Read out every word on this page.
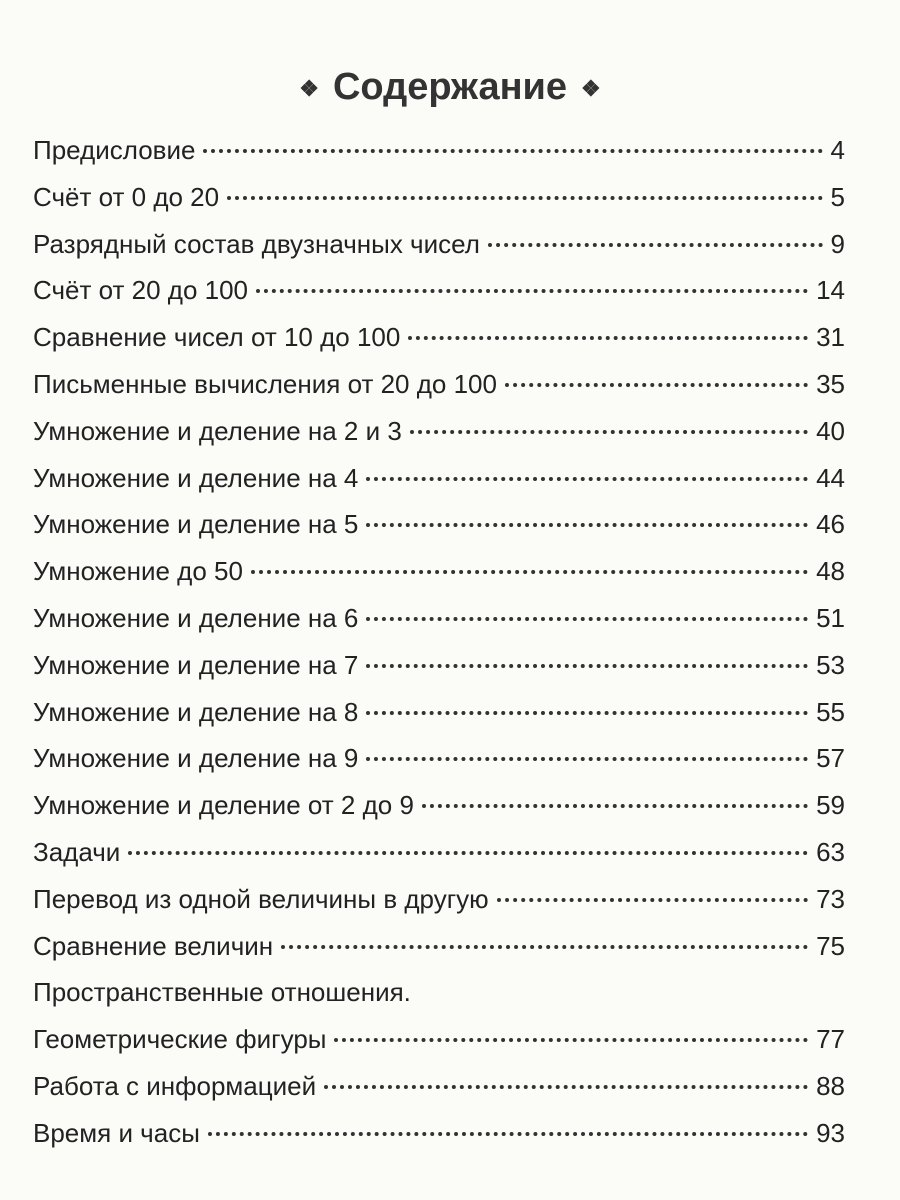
❖ Содержание ❖
Предисловие	4
Счёт от 0 до 20	5
Разрядный состав двузначных чисел	9
Счёт от 20 до 100	14
Сравнение чисел от 10 до 100	31
Письменные вычисления от 20 до 100	35
Умножение и деление на 2 и 3	40
Умножение и деление на 4	44
Умножение и деление на 5	46
Умножение до 50	48
Умножение и деление на 6	51
Умножение и деление на 7	53
Умножение и деление на 8	55
Умножение и деление на 9	57
Умножение и деление от 2 до 9	59
Задачи	63
Перевод из одной величины в другую	73
Сравнение величин	75
Пространственные отношения.
Геометрические фигуры	77
Работа с информацией	88
Время и часы	93
